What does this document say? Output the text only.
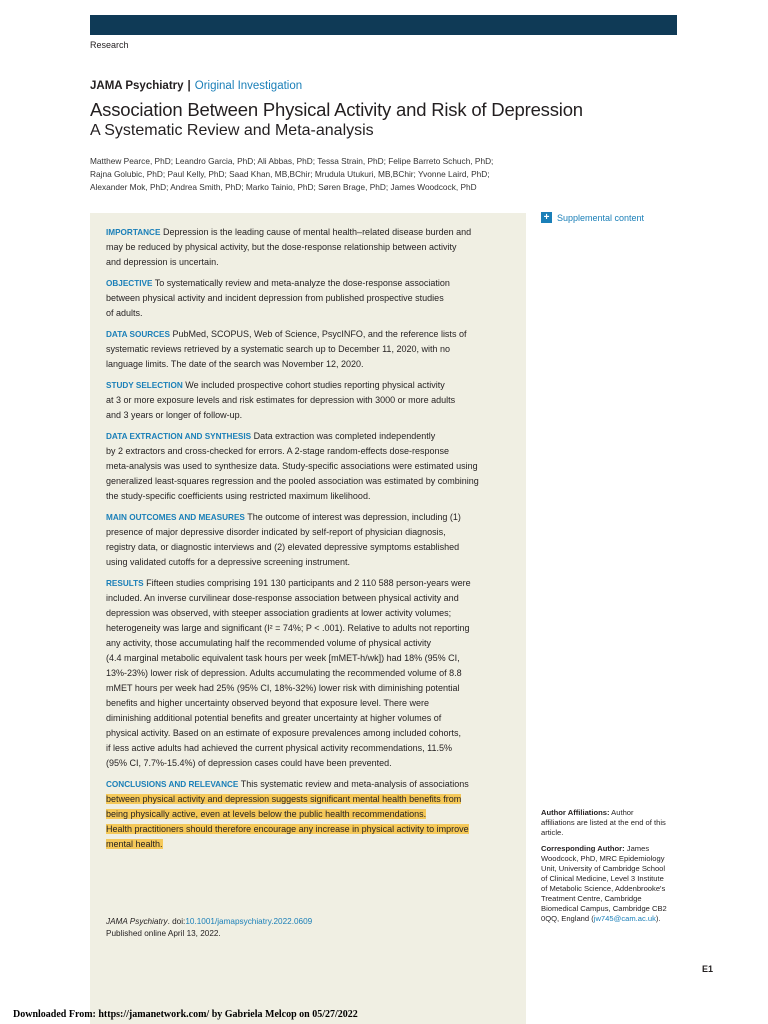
Research
JAMA Psychiatry | Original Investigation
Association Between Physical Activity and Risk of Depression
A Systematic Review and Meta-analysis
Matthew Pearce, PhD; Leandro Garcia, PhD; Ali Abbas, PhD; Tessa Strain, PhD; Felipe Barreto Schuch, PhD;
Rajna Golubic, PhD; Paul Kelly, PhD; Saad Khan, MB,BChir; Mrudula Utukuri, MB,BChir; Yvonne Laird, PhD;
Alexander Mok, PhD; Andrea Smith, PhD; Marko Tainio, PhD; Søren Brage, PhD; James Woodcock, PhD

IMPORTANCE Depression is the leading cause of mental health–related disease burden and
may be reduced by physical activity, but the dose-response relationship between activity
and depression is uncertain.

OBJECTIVE To systematically review and meta-analyze the dose-response association
between physical activity and incident depression from published prospective studies
of adults.

DATA SOURCES PubMed, SCOPUS, Web of Science, PsycINFO, and the reference lists of
systematic reviews retrieved by a systematic search up to December 11, 2020, with no
language limits. The date of the search was November 12, 2020.

STUDY SELECTION We included prospective cohort studies reporting physical activity
at 3 or more exposure levels and risk estimates for depression with 3000 or more adults
and 3 years or longer of follow-up.

DATA EXTRACTION AND SYNTHESIS Data extraction was completed independently
by 2 extractors and cross-checked for errors. A 2-stage random-effects dose-response
meta-analysis was used to synthesize data. Study-specific associations were estimated using
generalized least-squares regression and the pooled association was estimated by combining
the study-specific coefficients using restricted maximum likelihood.

MAIN OUTCOMES AND MEASURES The outcome of interest was depression, including (1)
presence of major depressive disorder indicated by self-report of physician diagnosis,
registry data, or diagnostic interviews and (2) elevated depressive symptoms established
using validated cutoffs for a depressive screening instrument.

RESULTS Fifteen studies comprising 191 130 participants and 2 110 588 person-years were
included. An inverse curvilinear dose-response association between physical activity and
depression was observed, with steeper association gradients at lower activity volumes;
heterogeneity was large and significant (I² = 74%; P < .001). Relative to adults not reporting
any activity, those accumulating half the recommended volume of physical activity
(4.4 marginal metabolic equivalent task hours per week [mMET-h/wk]) had 18% (95% CI,
13%-23%) lower risk of depression. Adults accumulating the recommended volume of 8.8
mMET hours per week had 25% (95% CI, 18%-32%) lower risk with diminishing potential
benefits and higher uncertainty observed beyond that exposure level. There were
diminishing additional potential benefits and greater uncertainty at higher volumes of
physical activity. Based on an estimate of exposure prevalences among included cohorts,
if less active adults had achieved the current physical activity recommendations, 11.5%
(95% CI, 7.7%-15.4%) of depression cases could have been prevented.

CONCLUSIONS AND RELEVANCE This systematic review and meta-analysis of associations
between physical activity and depression suggests significant mental health benefits from
being physically active, even at levels below the public health recommendations.
Health practitioners should therefore encourage any increase in physical activity to improve
mental health.

JAMA Psychiatry. doi:10.1001/jamapsychiatry.2022.0609
Published online April 13, 2022.
+ Supplemental content
Author Affiliations: Author
affiliations are listed at the end of this
article.
Corresponding Author: James
Woodcock, PhD, MRC Epidemiology
Unit, University of Cambridge School
of Clinical Medicine, Level 3 Institute
of Metabolic Science, Addenbrooke's
Treatment Centre, Cambridge
Biomedical Campus, Cambridge CB2
0QQ, England (jw745@cam.ac.uk).
E1
Downloaded From: https://jamanetwork.com/ by Gabriela Melcop on 05/27/2022
